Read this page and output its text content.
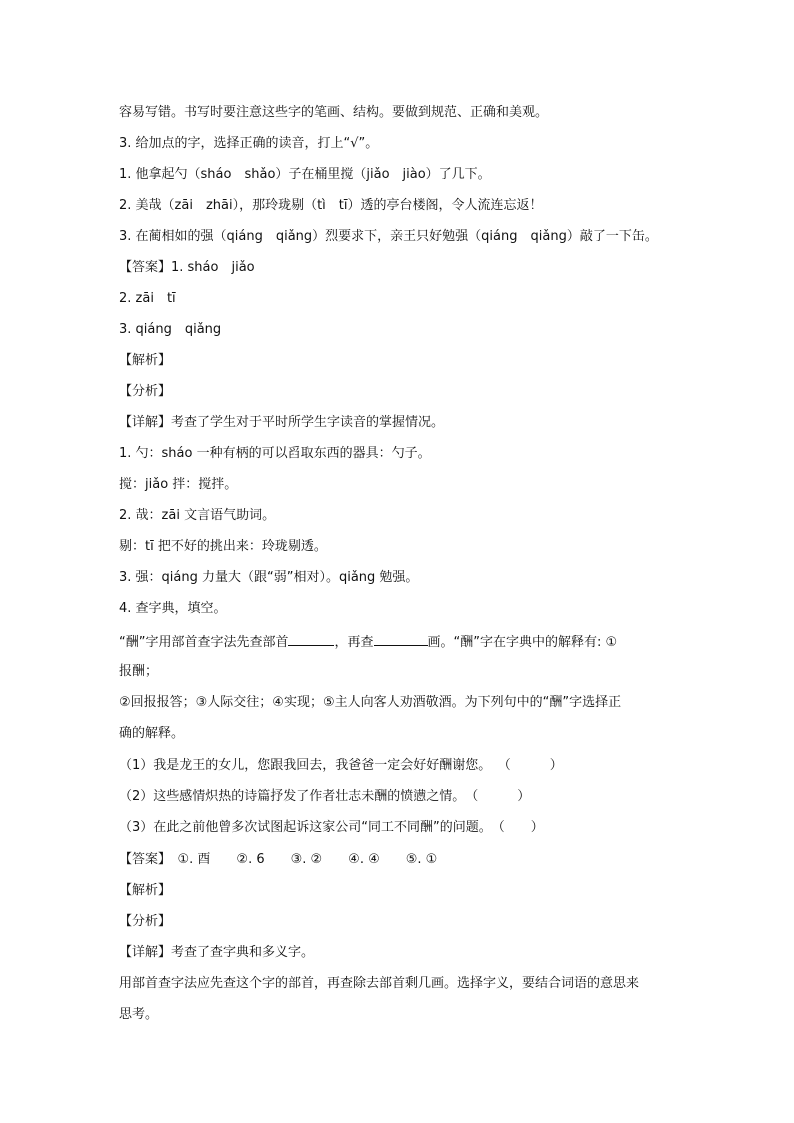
容易写错。书写时要注意这些字的笔画、结构。要做到规范、正确和美观。

3. 给加点的字，选择正确的读音，打上“√”。

1. 他拿起勺（sháo　shǎo）子在桶里搅（jiǎo　jiào）了几下。

2. 美哉（zāi　zhāi），那玲珑剔（tì　tī）透的亭台楼阁，令人流连忘返！

3. 在蔺相如的强（qiáng　qiǎng）烈要求下，亲王只好勉强（qiáng　qiǎng）敲了一下缶。

【答案】1. sháo　jiǎo

2. zāi　tī

3. qiáng　qiǎng

【解析】

【分析】

【详解】考查了学生对于平时所学生字读音的掌握情况。

1. 勺：sháo 一种有柄的可以舀取东西的器具：勺子。

搅：jiǎo 拌：搅拌。

2. 哉：zāi 文言语气助词。

剔：tī 把不好的挑出来：玲珑剔透。

3. 强：qiáng 力量大（跟“弱”相对）。qiǎng 勉强。

4. 查字典，填空。

“酬”字用部首查字法先查部首	，再查	画。“酬”字在字典中的解释有: ①

报酬；

②回报报答；③人际交往；④实现；⑤主人向客人劝酒敬酒。为下列句中的“酬”字选择正

确的解释。

（1）我是龙王的女儿，您跟我回去，我爸爸一定会好好酬谢您。　 （　　　）

（2）这些感情炽热的诗篇抒发了作者壮志未酬的愤懑之情。（　　　）

（3）在此之前他曾多次试图起诉这家公司“同工不同酬”的问题。（　　）

【答案】　①. 酉　　②. 6　　③. ②　　④. ④　　⑤. ①

【解析】

【分析】

【详解】考查了查字典和多义字。

用部首查字法应先查这个字的部首，再查除去部首剩几画。选择字义，要结合词语的意思来

思考。
